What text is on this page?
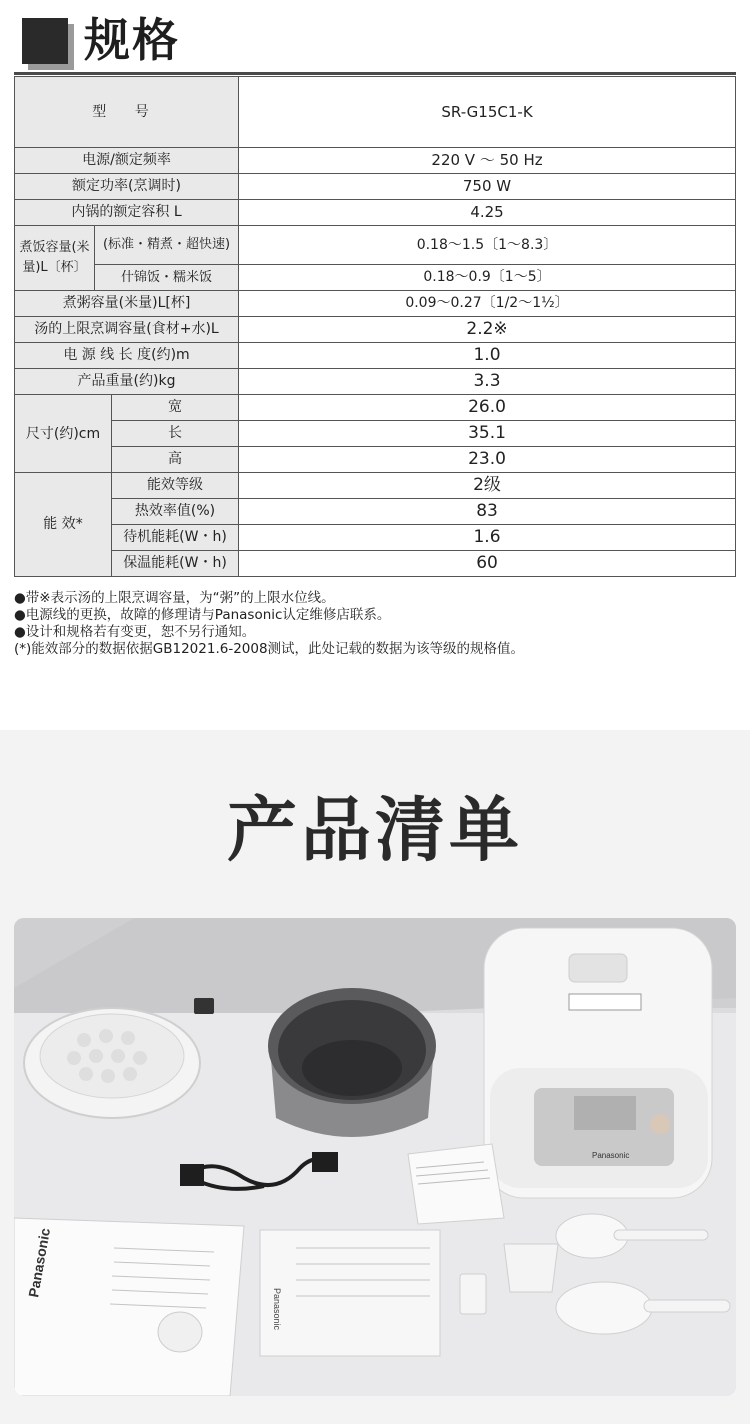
规格
型 号			SR-G15C1-K
电源/额定频率			220 V ～ 50 Hz
额定功率(烹调时)			750 W
内锅的额定容积 L			4.25
煮饭容量(米量)L〔杯〕	(标准・精煮・超快速)		0.18～1.5〔1～8.3〕
	什锦饭・糯米饭		0.18～0.9〔1～5〕
煮粥容量(米量)L[杯]			0.09～0.27〔1/2～1½〕
汤的上限烹调容量(食材+水)L			2.2※
电 源 线 长 度(约)m			1.0
产品重量(约)kg			3.3
尺寸(约)cm		宽	26.0
		长	35.1
		高	23.0
能 效*		能效等级	2级
		热效率值(%)	83
		待机能耗(W・h)	1.6
		保温能耗(W・h)	60
●带※表示汤的上限烹调容量，为“粥”的上限水位线。
●电源线的更换，故障的修理请与Panasonic认定维修店联系。
●设计和规格若有变更，恕不另行通知。
(*)能效部分的数据依据GB12021.6-2008测试，此处记载的数据为该等级的规格值。
产品清单
Panasonic
Panasonic
Panasonic
